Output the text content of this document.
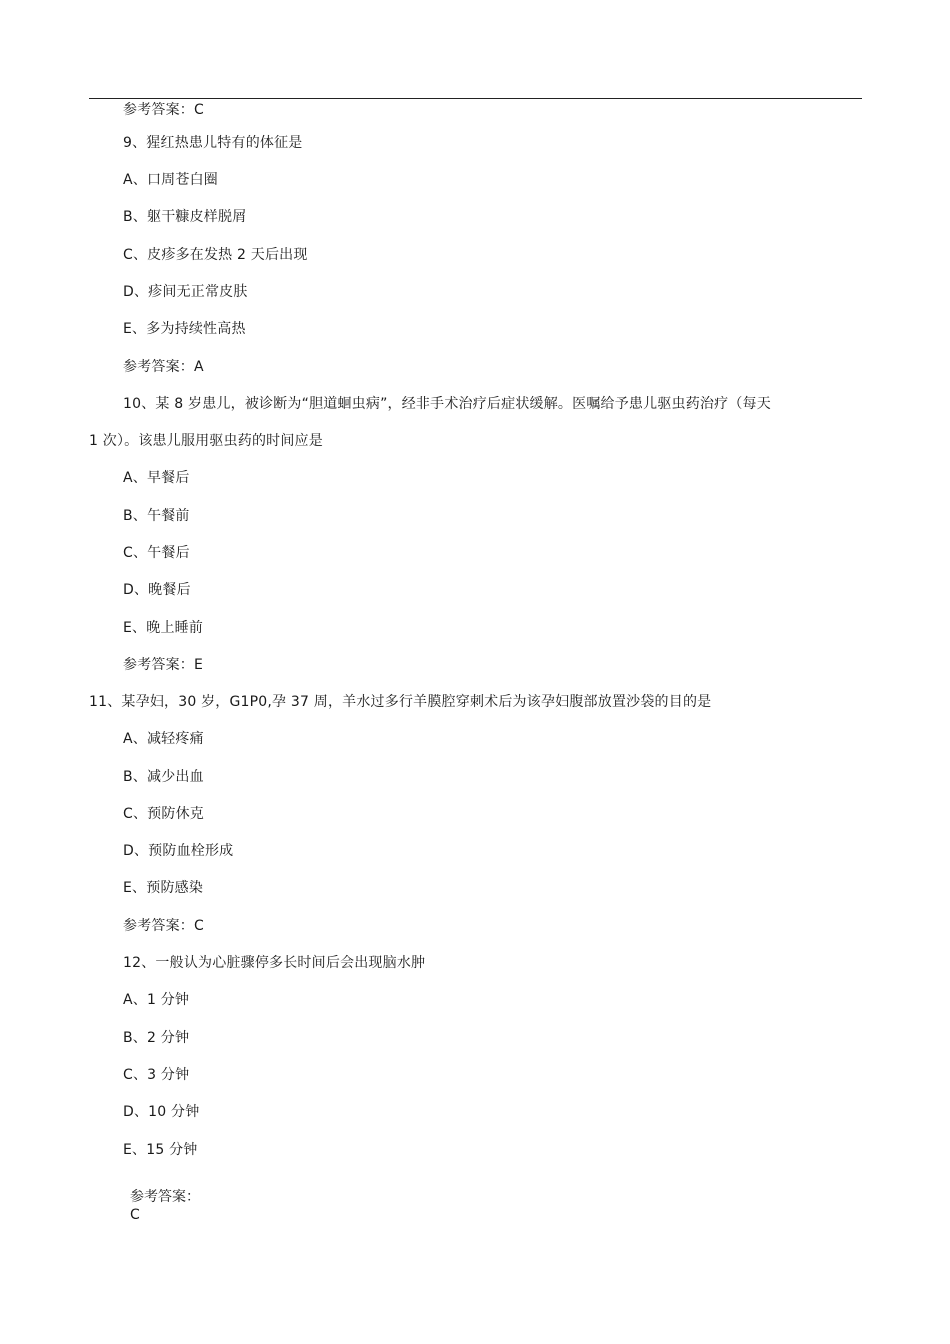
参考答案：C
9、猩红热患儿特有的体征是
A、口周苍白圈
B、躯干糠皮样脱屑
C、皮疹多在发热 2 天后出现
D、疹间无正常皮肤
E、多为持续性高热
参考答案：A
10、某 8 岁患儿，被诊断为“胆道蛔虫病”，经非手术治疗后症状缓解。医嘱给予患儿驱虫药治疗（每天
1 次）。该患儿服用驱虫药的时间应是
A、早餐后
B、午餐前
C、午餐后
D、晚餐后
E、晚上睡前
参考答案：E
11、某孕妇，30 岁，G1P0,孕 37 周，羊水过多行羊膜腔穿刺术后为该孕妇腹部放置沙袋的目的是
A、减轻疼痛
B、减少出血
C、预防休克
D、预防血栓形成
E、预防感染
参考答案：C
12、一般认为心脏骤停多长时间后会出现脑水肿
A、1 分钟
B、2 分钟
C、3 分钟
D、10 分钟
E、15 分钟
参考答案：
C
